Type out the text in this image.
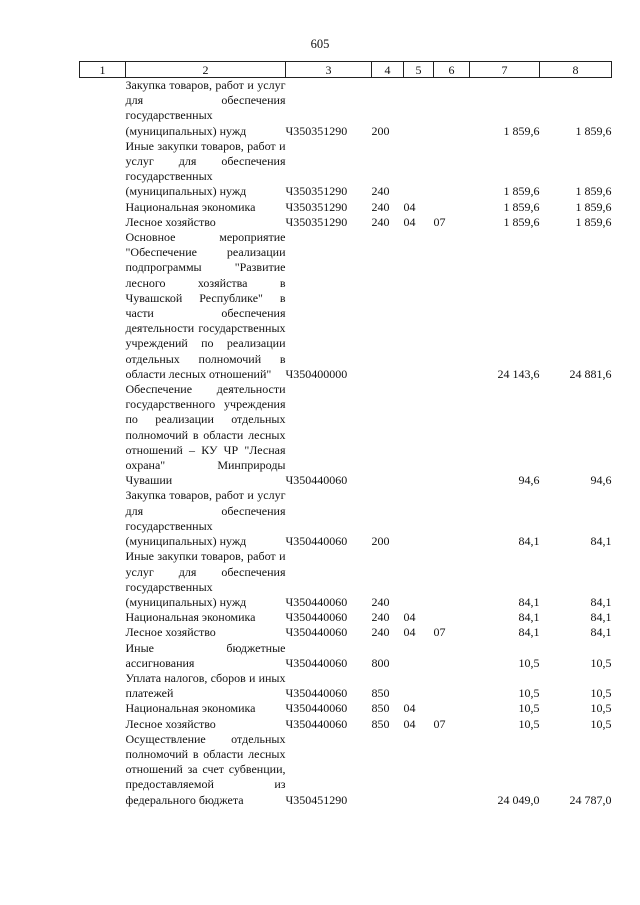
605
1	2	3	4	5	6	7	8
	Закупка товаров, работ и услуг для обеспечения государственных (муниципальных) нужд	Ч350351290	200			1 859,6	1 859,6
	Иные закупки товаров, работ и услуг для обеспечения государственных (муниципальных) нужд	Ч350351290	240			1 859,6	1 859,6
	Национальная экономика	Ч350351290	240	04		1 859,6	1 859,6
	Лесное хозяйство	Ч350351290	240	04	07	1 859,6	1 859,6
	Основное мероприятие "Обеспечение реализации подпрограммы "Развитие лесного хозяйства в Чувашской Республике" в части обеспечения деятельности государственных учреждений по реализации отдельных полномочий в области лесных отношений"	Ч350400000				24 143,6	24 881,6
	Обеспечение деятельности государственного учреждения по реализации отдельных полномочий в области лесных отношений – КУ ЧР "Лесная охрана" Минприроды Чувашии	Ч350440060				94,6	94,6
	Закупка товаров, работ и услуг для обеспечения государственных (муниципальных) нужд	Ч350440060	200			84,1	84,1
	Иные закупки товаров, работ и услуг для обеспечения государственных (муниципальных) нужд	Ч350440060	240			84,1	84,1
	Национальная экономика	Ч350440060	240	04		84,1	84,1
	Лесное хозяйство	Ч350440060	240	04	07	84,1	84,1
	Иные бюджетные ассигнования	Ч350440060	800			10,5	10,5
	Уплата налогов, сборов и иных платежей	Ч350440060	850			10,5	10,5
	Национальная экономика	Ч350440060	850	04		10,5	10,5
	Лесное хозяйство	Ч350440060	850	04	07	10,5	10,5
	Осуществление отдельных полномочий в области лесных отношений за счет субвенции, предоставляемой из федерального бюджета	Ч350451290				24 049,0	24 787,0
